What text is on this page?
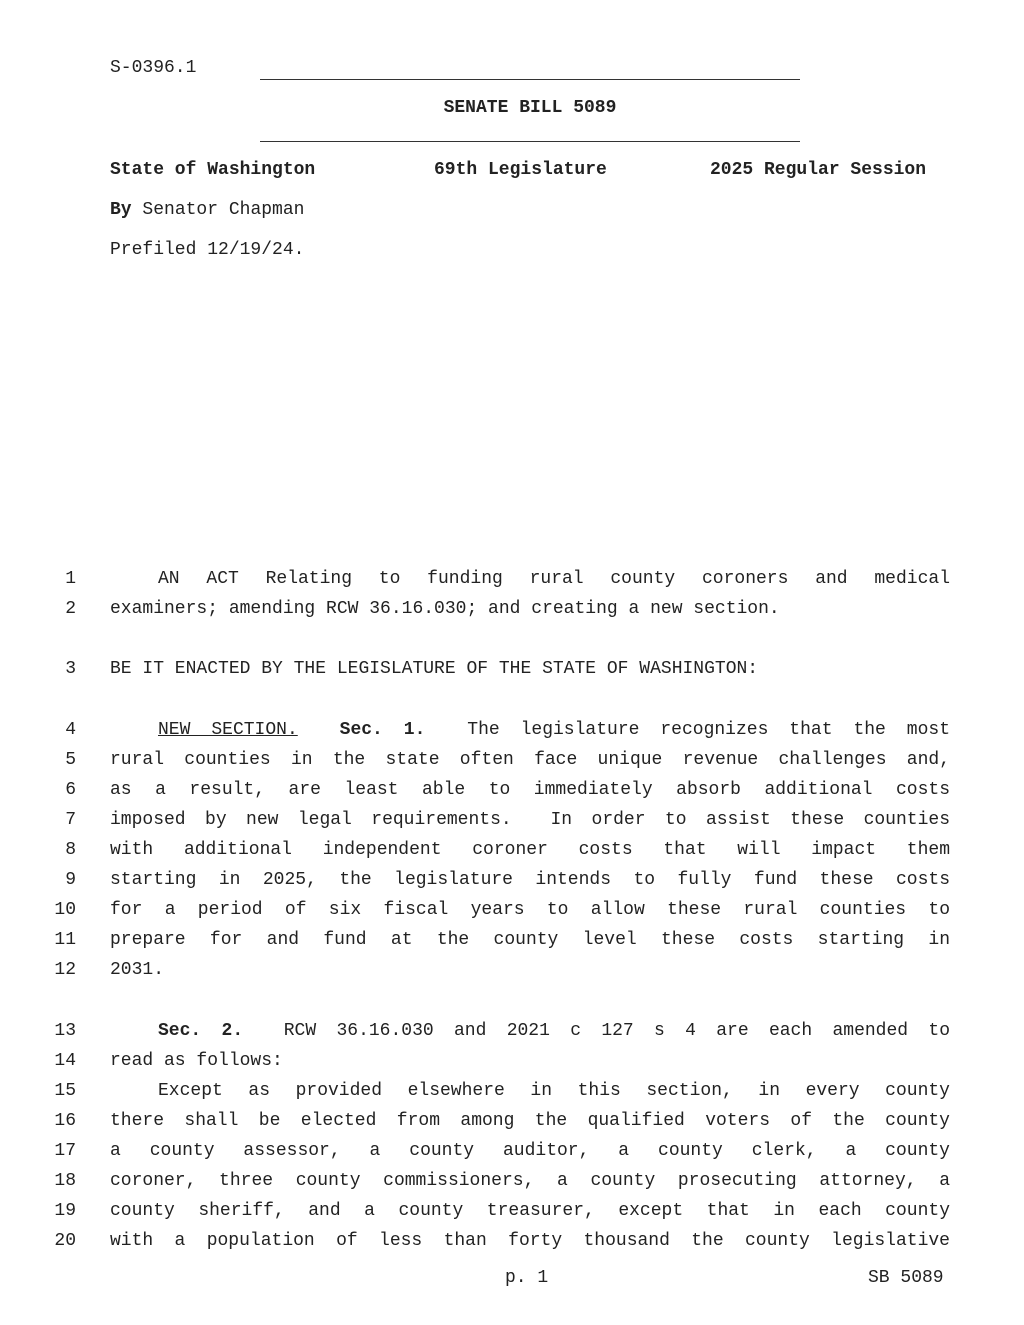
S-0396.1
SENATE BILL 5089
State of Washington	69th Legislature	2025 Regular Session
By Senator Chapman
Prefiled 12/19/24.
1	AN ACT Relating to funding rural county coroners and medical
2 examiners; amending RCW 36.16.030; and creating a new section.
3 BE IT ENACTED BY THE LEGISLATURE OF THE STATE OF WASHINGTON:
4	NEW SECTION. Sec. 1. The legislature recognizes that the most
5 rural counties in the state often face unique revenue challenges and,
6 as a result, are least able to immediately absorb additional costs
7 imposed by new legal requirements.  In order to assist these counties
8 with additional independent coroner costs that will impact them
9 starting in 2025, the legislature intends to fully fund these costs
10 for a period of six fiscal years to allow these rural counties to
11 prepare for and fund at the county level these costs starting in
12 2031.
13	Sec. 2. RCW 36.16.030 and 2021 c 127 s 4 are each amended to
14 read as follows:
15	Except as provided elsewhere in this section, in every county
16 there shall be elected from among the qualified voters of the county
17 a county assessor, a county auditor, a county clerk, a county
18 coroner, three county commissioners, a county prosecuting attorney, a
19 county sheriff, and a county treasurer, except that in each county
20 with a population of less than forty thousand the county legislative
p. 1	SB 5089
